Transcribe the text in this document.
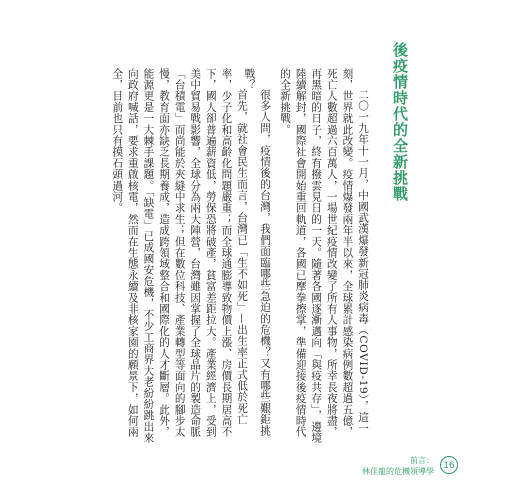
後疫情時代的全新挑戰

二〇一九年十一月，中國武漢爆發新冠肺炎病毒（COVID-19），這一刻，世界就此改變。疫情爆發兩年半以來，全球累計感染病例數超過五億，死亡人數超過六百萬人，一場世紀疫情改變了所有人事物，所幸長夜將盡，再黑暗的日子，終有撥雲見日的一天。隨著各國逐漸邁向「與疫共存」，邊境陸續解封，國際社會開始重回軌道，各國已摩拳擦掌，準備迎接後疫情時代的全新挑戰。

很多人問，疫情後的台灣，我們面臨哪些急迫的危機？又有哪些艱鉅挑戰？

首先，就社會民生而言，台灣已「生不如死」—出生率正式低於死亡率，少子化和高齡化問題嚴重；而全球通膨導致物價上漲、房價長期居高不下，國人卻普遍薪資低，勞保恐將破產，貧富差距拉大。產業經濟上，受到美中貿易戰影響，全球分為兩大陣營，台灣雖因掌握了全球晶片的製造命脈「台積電」而尚能於夾縫中求生；但在數位科技、產業轉型等面向的腳步太慢，教育面亦缺乏長期養成，造成跨領域整合和國際化的人才斷層。此外，能源更是一大棘手課題。「缺電」已成國安危機，不少工商界大老紛紛跳出來向政府喊話，要求重啟核電，然而在生態永續及非核家園的願景下，如何兩全，目前也只有摸石頭過河。

前言：
林佳龍的危機領導學
16
